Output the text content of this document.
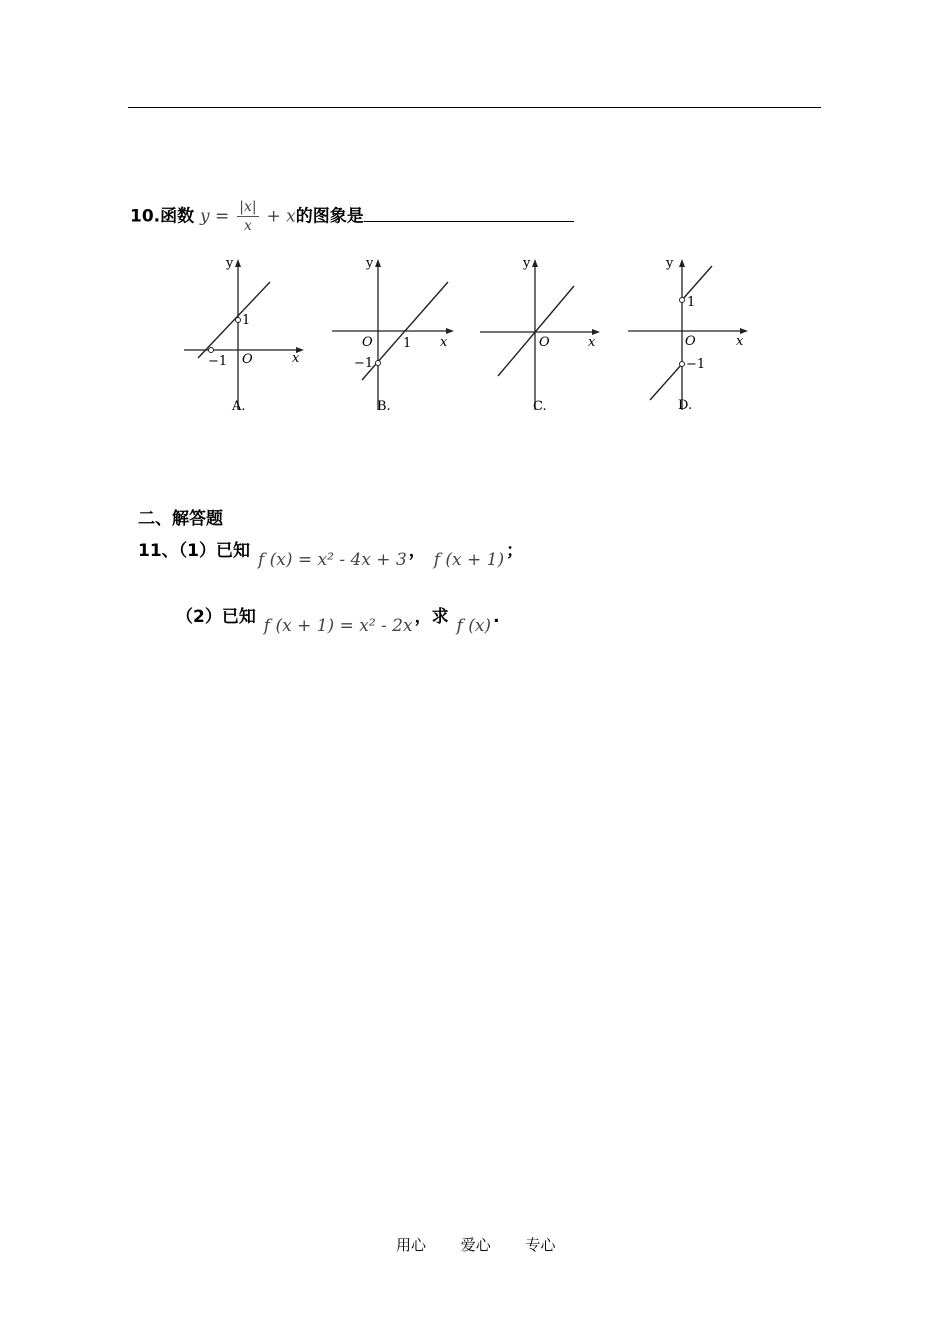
10.函数 $y = \frac{|x|}{x} + x$的图象是
y
x
O
−1
1
A.
y
x
O 1
−1
B.
y
x
O
C.
y
x
O
1
−1
D.
二、解答题
11、（1）已知 f (x) = x² - 4x + 3 ， f (x + 1) ；
（2）已知 f (x + 1) = x² - 2x ，求 f (x) .
用心 爱心 专心
